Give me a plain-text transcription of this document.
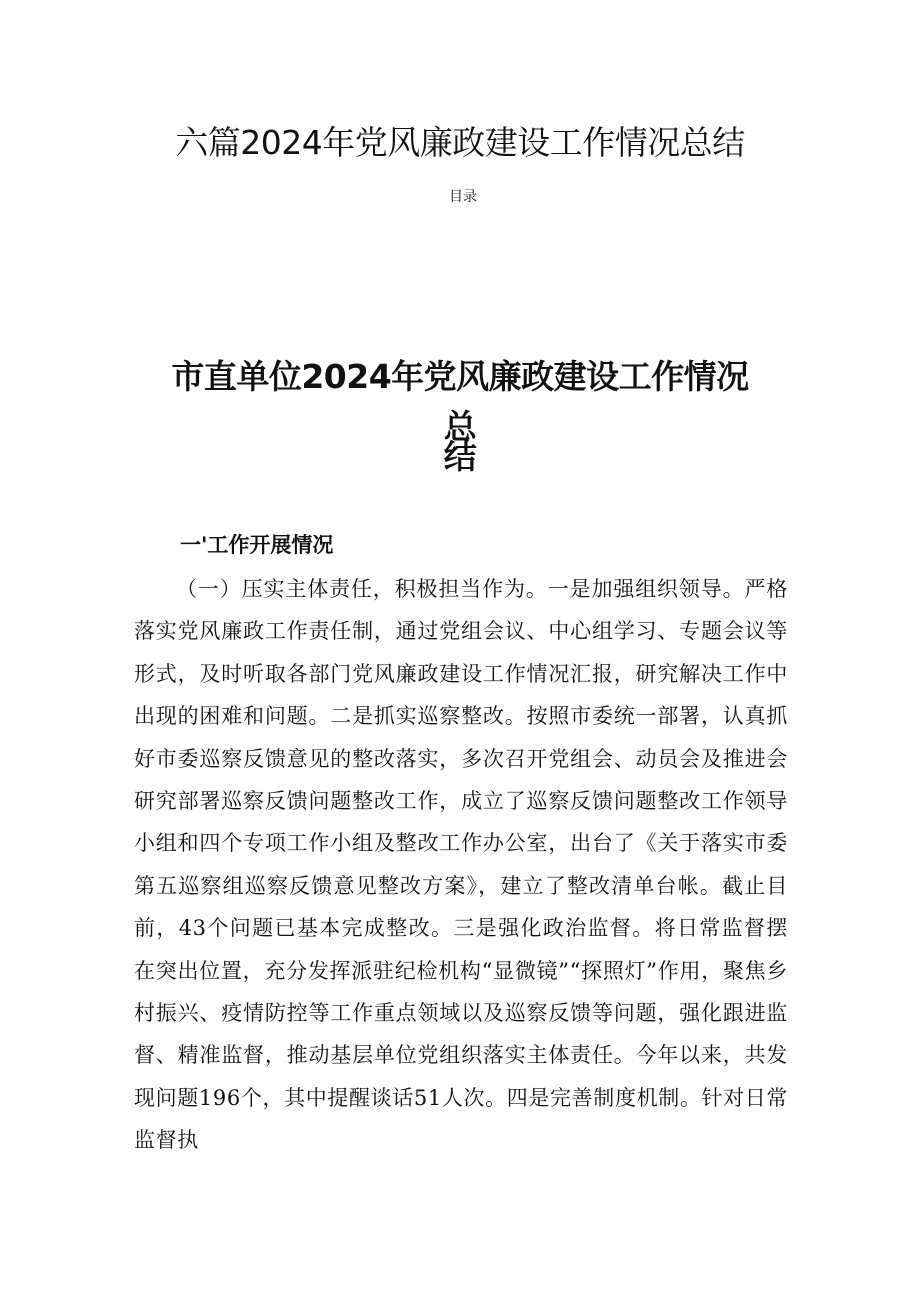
六篇2024年党风廉政建设工作情况总结
目录
市直单位2024年党风廉政建设工作情况总
结
一'工作开展情况

（一）压实主体责任，积极担当作为。一是加强组织领导。严格落实党风廉政工作责任制，通过党组会议、中心组学习、专题会议等形式，及时听取各部门党风廉政建设工作情况汇报，研究解决工作中出现的困难和问题。二是抓实巡察整改。按照市委统一部署，认真抓好市委巡察反馈意见的整改落实，多次召开党组会、动员会及推进会研究部署巡察反馈问题整改工作，成立了巡察反馈问题整改工作领导小组和四个专项工作小组及整改工作办公室，出台了《关于落实市委第五巡察组巡察反馈意见整改方案》，建立了整改清单台帐。截止目前，43个问题已基本完成整改。三是强化政治监督。将日常监督摆在突出位置，充分发挥派驻纪检机构“显微镜”“探照灯”作用，聚焦乡村振兴、疫情防控等工作重点领域以及巡察反馈等问题，强化跟进监督、精准监督，推动基层单位党组织落实主体责任。今年以来，共发现问题196个，其中提醒谈话51人次。四是完善制度机制。针对日常监督执
